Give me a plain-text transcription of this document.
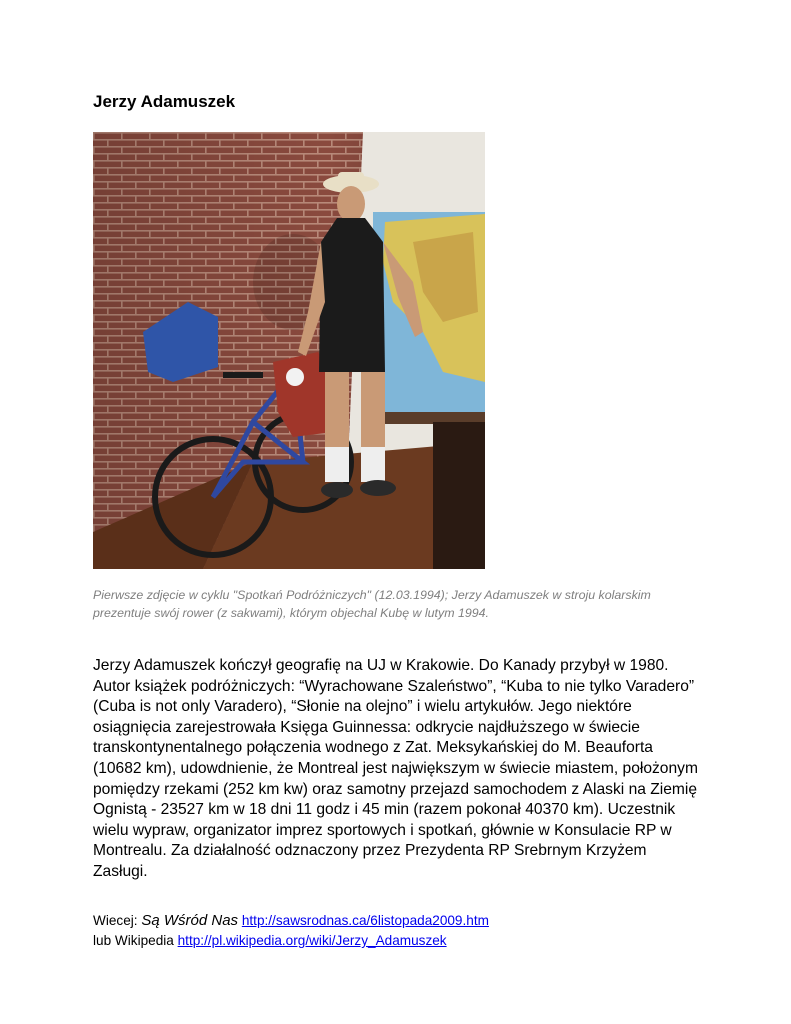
Jerzy Adamuszek
Pierwsze zdjęcie w cyklu "Spotkań Podróżniczych" (12.03.1994); Jerzy Adamuszek w stroju kolarskim
prezentuje swój rower (z sakwami), którym objechal Kubę w lutym 1994.
Jerzy Adamuszek kończył geografię na UJ w Krakowie. Do Kanady przybył w 1980.
Autor książek podróżniczych: “Wyrachowane Szaleństwo”, “Kuba to nie tylko Varadero”
(Cuba is not only Varadero), “Słonie na olejno” i wielu artykułów. Jego niektóre
osiągnięcia zarejestrowała Księga Guinnessa: odkrycie najdłuższego w świecie
transkontynentalnego połączenia wodnego z Zat. Meksykańskiej do M. Beauforta
(10682 km), udowdnienie, że Montreal jest największym w świecie miastem, położonym
pomiędzy rzekami (252 km kw) oraz samotny przejazd samochodem z Alaski na Ziemię
Ognistą - 23527 km w 18 dni 11 godz i 45 min (razem pokonał 40370 km). Uczestnik
wielu wypraw, organizator imprez sportowych i spotkań, głównie w Konsulacie RP w
Montrealu. Za działalność odznaczony przez Prezydenta RP Srebrnym Krzyżem
Zasługi.
Wiecej: Są Wśród Nas http://sawsrodnas.ca/6listopada2009.htm
lub Wikipedia http://pl.wikipedia.org/wiki/Jerzy_Adamuszek
